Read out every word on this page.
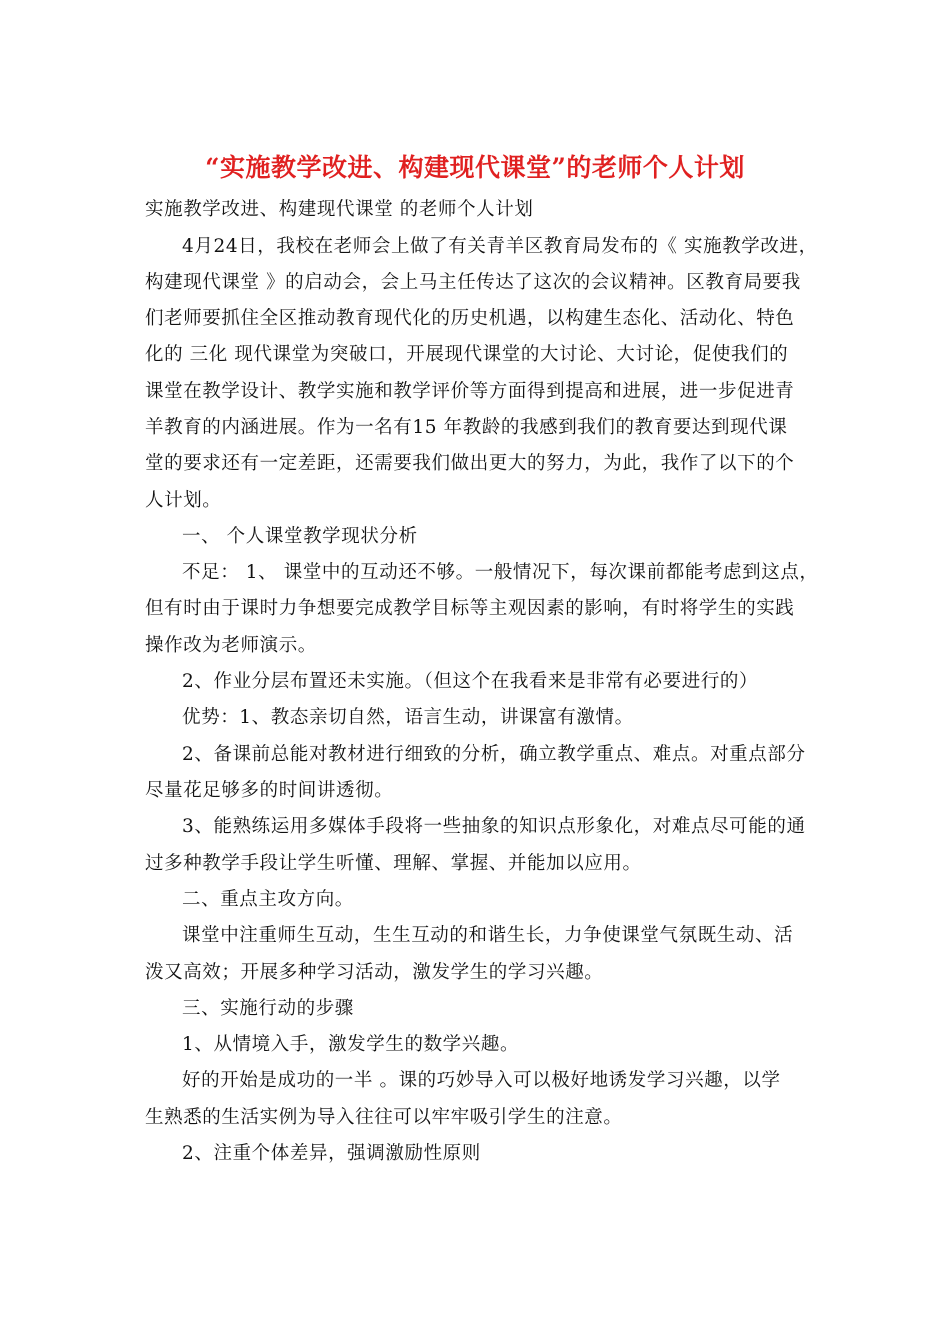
“实施教学改进、构建现代课堂”的老师个人计划
实施教学改进、构建现代课堂 的老师个人计划
4月24日，我校在老师会上做了有关青羊区教育局发布的《 实施教学改进，
构建现代课堂 》的启动会，会上马主任传达了这次的会议精神。区教育局要我
们老师要抓住全区推动教育现代化的历史机遇，以构建生态化、活动化、特色
化的 三化 现代课堂为突破口，开展现代课堂的大讨论、大讨论，促使我们的
课堂在教学设计、教学实施和教学评价等方面得到提高和进展，进一步促进青
羊教育的内涵进展。作为一名有15 年教龄的我感到我们的教育要达到现代课
堂的要求还有一定差距，还需要我们做出更大的努力，为此，我作了以下的个
人计划。
一、 个人课堂教学现状分析
不足： 1、 课堂中的互动还不够。一般情况下，每次课前都能考虑到这点，
但有时由于课时力争想要完成教学目标等主观因素的影响，有时将学生的实践
操作改为老师演示。
2、作业分层布置还未实施。（但这个在我看来是非常有必要进行的）
优势：1、教态亲切自然，语言生动，讲课富有激情。
2、备课前总能对教材进行细致的分析，确立教学重点、难点。对重点部分
尽量花足够多的时间讲透彻。
3、能熟练运用多媒体手段将一些抽象的知识点形象化，对难点尽可能的通
过多种教学手段让学生听懂、理解、掌握、并能加以应用。
二、重点主攻方向。
课堂中注重师生互动，生生互动的和谐生长，力争使课堂气氛既生动、活
泼又高效；开展多种学习活动，激发学生的学习兴趣。
三、实施行动的步骤
1、从情境入手，激发学生的数学兴趣。
好的开始是成功的一半 。课的巧妙导入可以极好地诱发学习兴趣，以学
生熟悉的生活实例为导入往往可以牢牢吸引学生的注意。
2、注重个体差异，强调激励性原则
